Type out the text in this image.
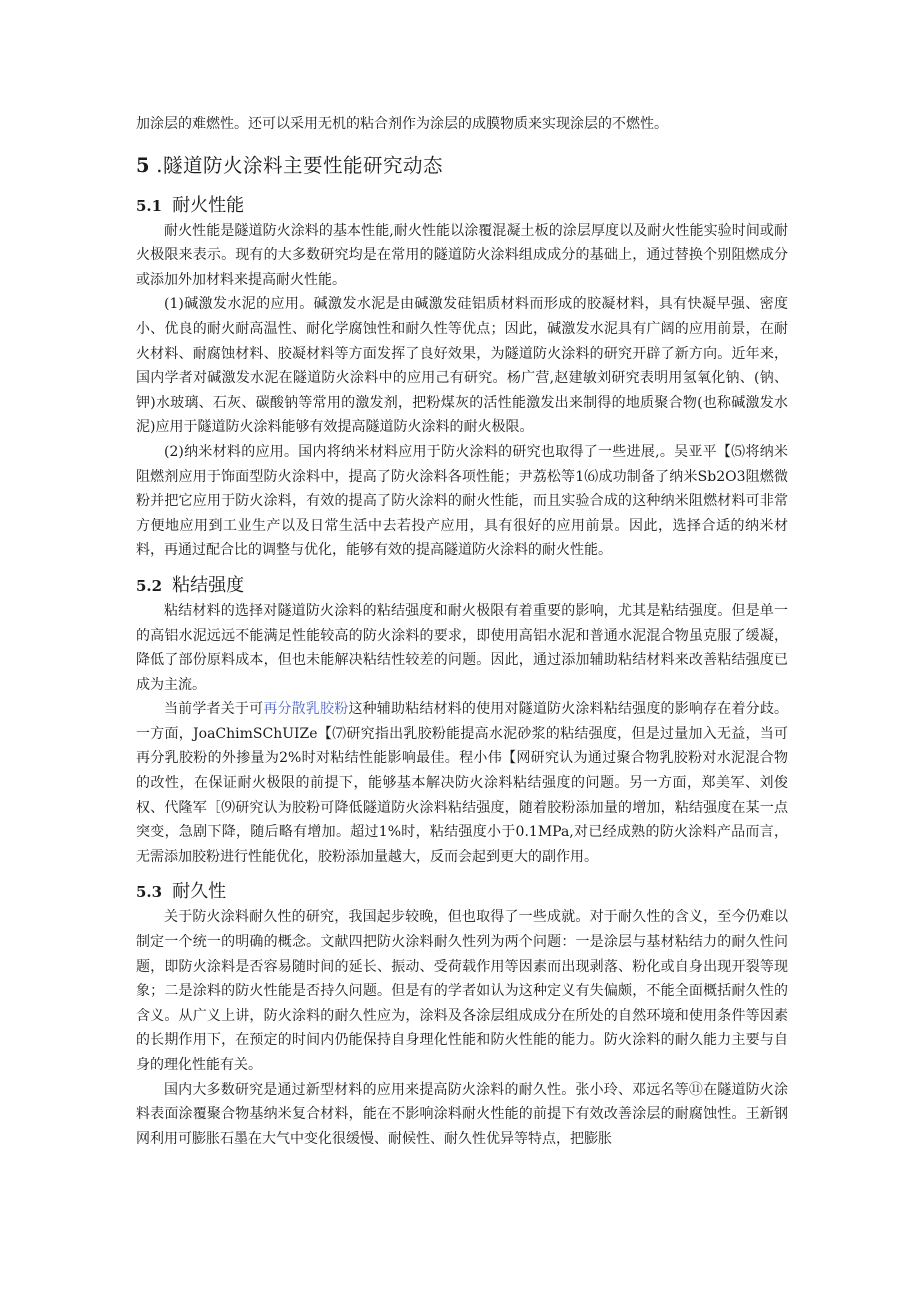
加涂层的难燃性。还可以采用无机的粘合剂作为涂层的成膜物质来实现涂层的不燃性。

5 .隧道防火涂料主要性能研究动态
5.1 耐火性能

耐火性能是隧道防火涂料的基本性能,耐火性能以涂覆混凝土板的涂层厚度以及耐火性能实验时间或耐火极限来表示。现有的大多数研究均是在常用的隧道防火涂料组成成分的基础上，通过替换个别阻燃成分或添加外加材料来提高耐火性能。

(1)碱激发水泥的应用。碱激发水泥是由碱激发硅铝质材料而形成的胶凝材料，具有快凝早强、密度小、优良的耐火耐高温性、耐化学腐蚀性和耐久性等优点；因此，碱激发水泥具有广阔的应用前景，在耐火材料、耐腐蚀材料、胶凝材料等方面发挥了良好效果，为隧道防火涂料的研究开辟了新方向。近年来，国内学者对碱激发水泥在隧道防火涂料中的应用己有研究。杨广营,赵建敏刘研究表明用氢氧化钠、(钠、钾)水玻璃、石灰、碳酸钠等常用的激发剂，把粉煤灰的活性能激发出来制得的地质聚合物(也称碱激发水泥)应用于隧道防火涂料能够有效提高隧道防火涂料的耐火极限。

(2)纳米材料的应用。国内将纳米材料应用于防火涂料的研究也取得了一些进展,。吴亚平【⑸将纳米阻燃剂应用于饰面型防火涂料中，提高了防火涂料各项性能；尹荔松等1⑹成功制备了纳米Sb2O3阻燃微粉并把它应用于防火涂料，有效的提高了防火涂料的耐火性能，而且实验合成的这种纳米阻燃材料可非常方便地应用到工业生产以及日常生活中去若投产应用，具有很好的应用前景。因此，选择合适的纳米材料，再通过配合比的调整与优化，能够有效的提高隧道防火涂料的耐火性能。

5.2 粘结强度

粘结材料的选择对隧道防火涂料的粘结强度和耐火极限有着重要的影响，尤其是粘结强度。但是单一的高铝水泥远远不能满足性能较高的防火涂料的要求，即使用高铝水泥和普通水泥混合物虽克服了缓凝，降低了部份原料成本，但也未能解决粘结性较差的问题。因此，通过添加辅助粘结材料来改善粘结强度已成为主流。

当前学者关于可再分散乳胶粉这种辅助粘结材料的使用对隧道防火涂料粘结强度的影响存在着分歧。一方面，JoaChimSChUIZe【⑺研究指出乳胶粉能提高水泥砂浆的粘结强度，但是过量加入无益，当可再分乳胶粉的外掺量为2%时对粘结性能影响最佳。程小伟【网研究认为通过聚合物乳胶粉对水泥混合物的改性，在保证耐火极限的前提下，能够基本解决防火涂料粘结强度的问题。另一方面，郑美军、刘俊权、代隆军［⑼研究认为胶粉可降低隧道防火涂料粘结强度，随着胶粉添加量的增加，粘结强度在某一点突变，急剧下降，随后略有增加。超过1%时，粘结强度小于0.1MPa,对已经成熟的防火涂料产品而言，无需添加胶粉进行性能优化，胶粉添加量越大，反而会起到更大的副作用。

5.3 耐久性

关于防火涂料耐久性的研究，我国起步较晚，但也取得了一些成就。对于耐久性的含义，至今仍难以制定一个统一的明确的概念。文献四把防火涂料耐久性列为两个问题：一是涂层与基材粘结力的耐久性问题，即防火涂料是否容易随时间的延长、振动、受荷载作用等因素而出现剥落、粉化或自身出现开裂等现象；二是涂料的防火性能是否持久问题。但是有的学者如认为这种定义有失偏颇，不能全面概括耐久性的含义。从广义上讲，防火涂料的耐久性应为，涂料及各涂层组成成分在所处的自然环境和使用条件等因素的长期作用下，在预定的时间内仍能保持自身理化性能和防火性能的能力。防火涂料的耐久能力主要与自身的理化性能有关。

国内大多数研究是通过新型材料的应用来提高防火涂料的耐久性。张小玲、邓远名等⑪在隧道防火涂料表面涂覆聚合物基纳米复合材料，能在不影响涂料耐火性能的前提下有效改善涂层的耐腐蚀性。王新钢网利用可膨胀石墨在大气中变化很缓慢、耐候性、耐久性优异等特点，把膨胀
